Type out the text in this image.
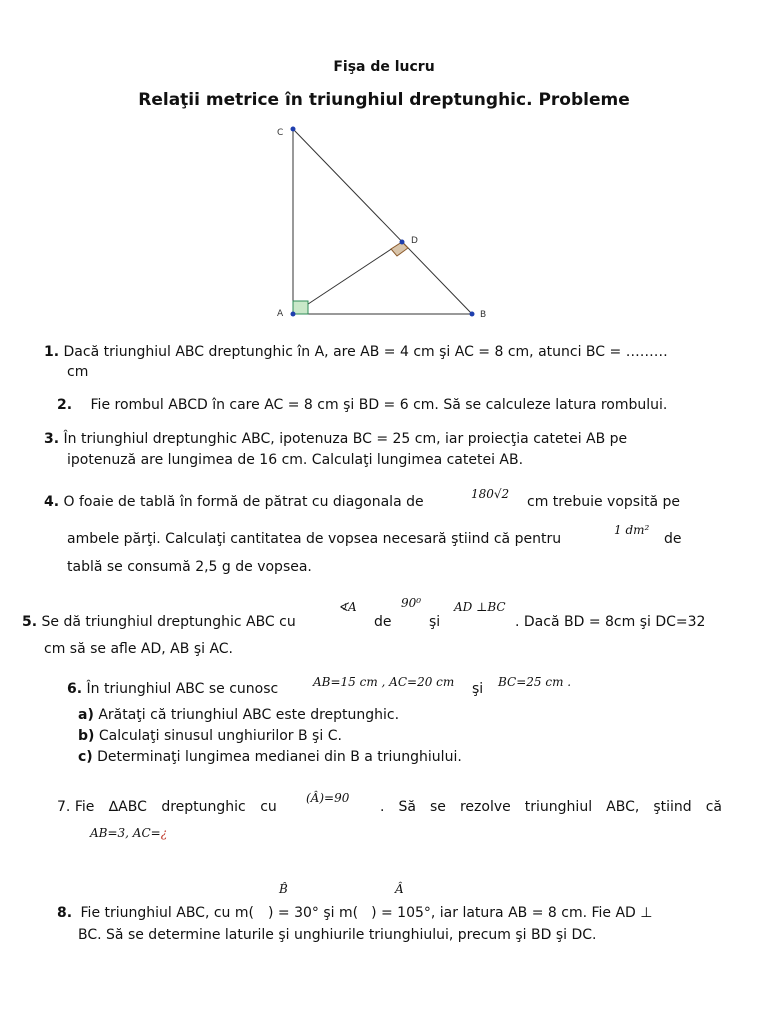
Fişa de lucru
Relaţii metrice în triunghiul dreptunghic. Probleme
C
D
A	B
1. Dacă triunghiul ABC dreptunghic în A, are AB = 4 cm şi AC = 8 cm, atunci BC = ………
cm
2. Fie rombul ABCD în care AC = 8 cm şi BD = 6 cm. Să se calculeze latura rombului.
3. În triunghiul dreptunghic ABC, ipotenuza BC = 25 cm, iar proiecţia catetei AB pe
ipotenuză are lungimea de 16 cm. Calculaţi lungimea catetei AB.
4. O foaie de tablă în formă de pătrat cu diagonala de	180√2 cm trebuie vopsită pe
ambele părţi. Calculaţi cantitatea de vopsea necesară ştiind că pentru
1 dm²
de
tablă se consumă 2,5 g de vopsea.
5. Se dă triunghiul dreptunghic ABC cu
∢A
de
90⁰
şi
AD ⊥BC
. Dacă BD = 8cm şi DC=32
cm să se afle AD, AB şi AC.
6. În triunghiul ABC se cunosc	AB=15 cm , AC=20 cm şi BC=25 cm .
a) Arătaţi că triunghiul ABC este dreptunghic.
b) Calculaţi sinusul unghiurilor B şi C.
c) Determinaţi lungimea medianei din B a triunghiului.
7. Fie ∆ABC dreptunghic cu
(Â)=90
. Să se rezolve triunghiul ABC, ştiind că
AB=3, AC=¿
B̂	Â
8. Fie triunghiul ABC, cu m( ) = 30° şi m( ) = 105°, iar latura AB = 8 cm. Fie AD ⊥
BC. Să se determine laturile şi unghiurile triunghiului, precum şi BD şi DC.
